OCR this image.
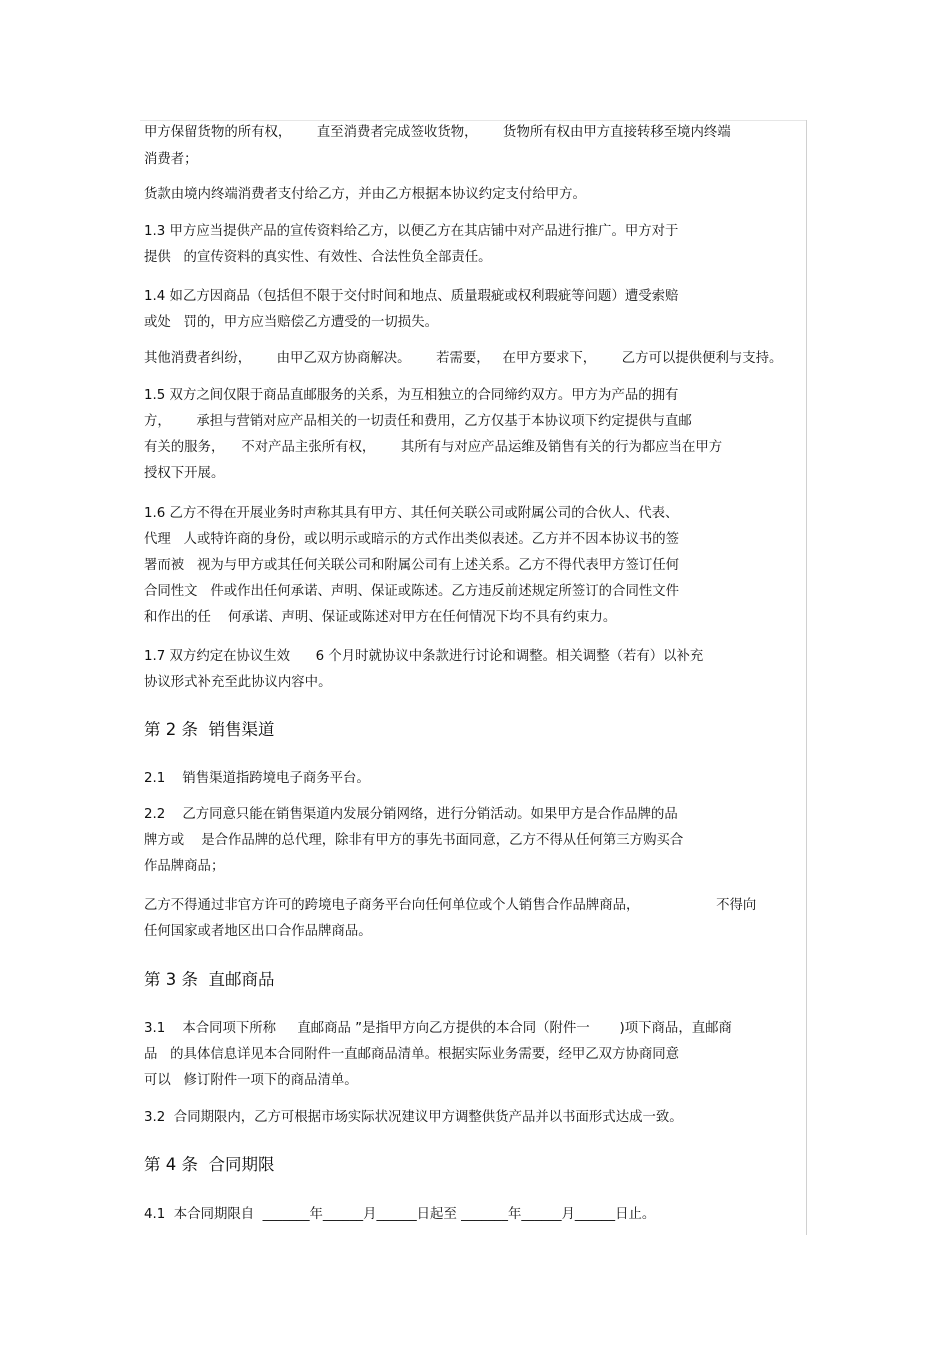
甲方保留货物的所有权，      直至消费者完成签收货物，      货物所有权由甲方直接转移至境内终端
消费者；
货款由境内终端消费者支付给乙方，并由乙方根据本协议约定支付给甲方。
1.3 甲方应当提供产品的宣传资料给乙方，以便乙方在其店铺中对产品进行推广。甲方对于
提供   的宣传资料的真实性、有效性、合法性负全部责任。
1.4 如乙方因商品（包括但不限于交付时间和地点、质量瑕疵或权利瑕疵等问题）遭受索赔
或处   罚的，甲方应当赔偿乙方遭受的一切损失。
其他消费者纠纷，      由甲乙双方协商解决。      若需要，   在甲方要求下，      乙方可以提供便利与支持。
1.5 双方之间仅限于商品直邮服务的关系，为互相独立的合同缔约双方。甲方为产品的拥有
方，      承担与营销对应产品相关的一切责任和费用，乙方仅基于本协议项下约定提供与直邮
有关的服务，    不对产品主张所有权，      其所有与对应产品运维及销售有关的行为都应当在甲方
授权下开展。
1.6 乙方不得在开展业务时声称其具有甲方、其任何关联公司或附属公司的合伙人、代表、
代理   人或特许商的身份，或以明示或暗示的方式作出类似表述。乙方并不因本协议书的签
署而被   视为与甲方或其任何关联公司和附属公司有上述关系。乙方不得代表甲方签订任何
合同性文   件或作出任何承诺、声明、保证或陈述。乙方违反前述规定所签订的合同性文件
和作出的任    何承诺、声明、保证或陈述对甲方在任何情况下均不具有约束力。
1.7 双方约定在协议生效      6 个月时就协议中条款进行讨论和调整。相关调整（若有）以补充
协议形式补充至此协议内容中。
第 2 条  销售渠道
2.1    销售渠道指跨境电子商务平台。
2.2    乙方同意只能在销售渠道内发展分销网络，进行分销活动。如果甲方是合作品牌的品
牌方或    是合作品牌的总代理，除非有甲方的事先书面同意，乙方不得从任何第三方购买合
作品牌商品；
乙方不得通过非官方许可的跨境电子商务平台向任何单位或个人销售合作品牌商品，                  不得向
任何国家或者地区出口合作品牌商品。
第 3 条  直邮商品
3.1    本合同项下所称     直邮商品 ”是指甲方向乙方提供的本合同（附件一       )项下商品，直邮商
品   的具体信息详见本合同附件一直邮商品清单。根据实际业务需要，经甲乙双方协商同意
可以   修订附件一项下的商品清单。
3.2  合同期限内，乙方可根据市场实际状况建议甲方调整供货产品并以书面形式达成一致。
第 4 条  合同期限
4.1  本合同期限自  _______年______月______日起至 _______年______月______日止。
